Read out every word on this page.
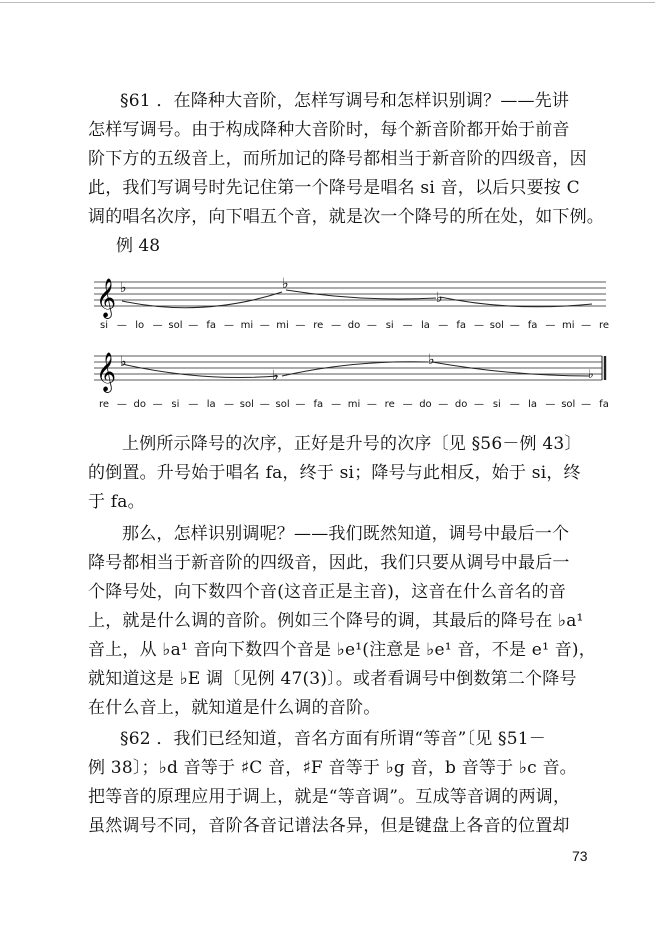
§61 ．在降种大音阶，怎样写调号和怎样识别调？——先讲
怎样写调号。由于构成降种大音阶时，每个新音阶都开始于前音
阶下方的五级音上，而所加记的降号都相当于新音阶的四级音，因
此，我们写调号时先记住第一个降号是唱名 si 音，以后只要按 C
调的唱名次序，向下唱五个音，就是次一个降号的所在处，如下例。

例 48
𝄞 ♭	♭
♭
si — lo — sol — fa — mi — mi — re — do — si — la — fa — sol — fa — mi — re
𝄞 ♭
♭
♭
♭
re — do — si — la — sol — sol — fa — mi — re — do — do — si — la — sol — fa

上例所示降号的次序，正好是升号的次序〔见 §56－例 43〕
的倒置。升号始于唱名 fa，终于 si；降号与此相反，始于 si，终
于 fa。

那么，怎样识别调呢？——我们既然知道，调号中最后一个
降号都相当于新音阶的四级音，因此，我们只要从调号中最后一
个降号处，向下数四个音(这音正是主音)，这音在什么音名的音
上，就是什么调的音阶。例如三个降号的调，其最后的降号在 ♭a¹
音上，从 ♭a¹ 音向下数四个音是 ♭e¹(注意是 ♭e¹ 音，不是 e¹ 音)，
就知道这是 ♭E 调〔见例 47(3)〕。或者看调号中倒数第二个降号
在什么音上，就知道是什么调的音阶。

§62 ．我们已经知道，音名方面有所谓“等音”〔见 §51－
例 38〕；♭d 音等于 ♯C 音，♯F 音等于 ♭g 音，b 音等于 ♭c 音。
把等音的原理应用于调上，就是“等音调”。互成等音调的两调，
虽然调号不同，音阶各音记谱法各异，但是键盘上各音的位置却

73
